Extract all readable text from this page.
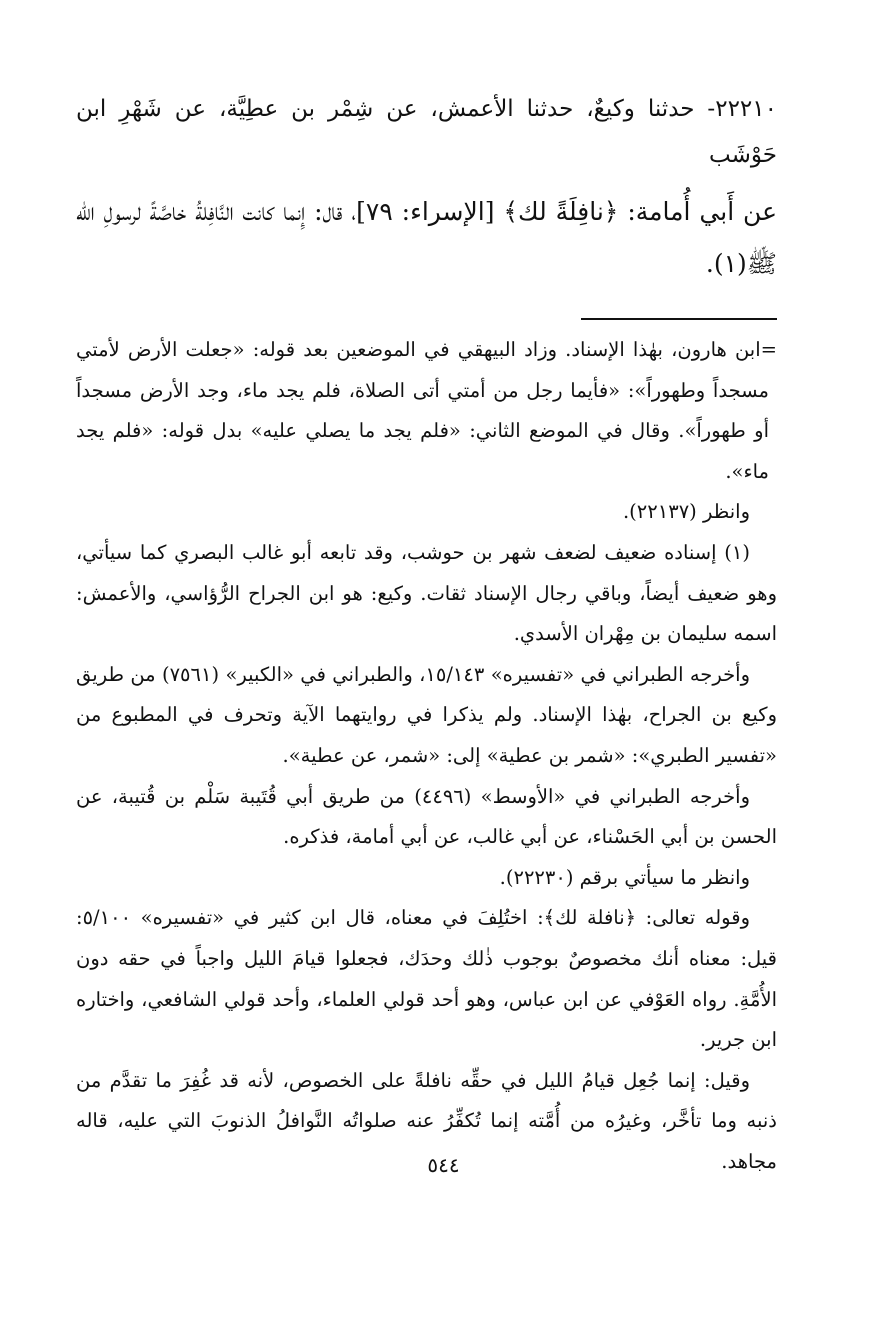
٢٢٢١٠- حدثنا وكيعٌ، حدثنا الأعمش، عن شِمْر بن عطِيَّة، عن شَهْرِ ابن حَوْشَب

عن أَبي أُمامة: ﴿نافِلَةً لك﴾ [الإسراء: ٧٩]، قال: إِنما كانت النَّافِلةُ خاصَّةً لرسولِ الله ﷺ(١).

=ابن هارون، بهٰذا الإسناد. وزاد البيهقي في الموضعين بعد قوله: «جعلت الأرض لأمتي مسجداً وطهوراً»: «فأيما رجل من أمتي أتى الصلاة، فلم يجد ماء، وجد الأرض مسجداً أو طهوراً». وقال في الموضع الثاني: «فلم يجد ما يصلي عليه» بدل قوله: «فلم يجد ماء».

وانظر (٢٢١٣٧).

(١) إسناده ضعيف لضعف شهر بن حوشب، وقد تابعه أبو غالب البصري كما سيأتي، وهو ضعيف أيضاً، وباقي رجال الإسناد ثقات. وكيع: هو ابن الجراح الرُّؤاسي، والأعمش: اسمه سليمان بن مِهْران الأسدي.

وأخرجه الطبراني في «تفسيره» ١٥/١٤٣، والطبراني في «الكبير» (٧٥٦١) من طريق وكيع بن الجراح، بهٰذا الإسناد. ولم يذكرا في روايتهما الآية وتحرف في المطبوع من «تفسير الطبري»: «شمر بن عطية» إلى: «شمر، عن عطية».

وأخرجه الطبراني في «الأوسط» (٤٤٩٦) من طريق أبي قُتَيبة سَلْم بن قُتيبة، عن الحسن بن أبي الحَسْناء، عن أبي غالب، عن أبي أمامة، فذكره.

وانظر ما سيأتي برقم (٢٢٢٣٠).

وقوله تعالى: ﴿نافلة لك﴾: اختُلِفَ في معناه، قال ابن كثير في «تفسيره» ٥/١٠٠: قيل: معناه أنك مخصوصٌ بوجوب ذٰلك وحدَك، فجعلوا قيامَ الليل واجباً في حقه دون الأُمَّةِ. رواه العَوْفي عن ابن عباس، وهو أحد قولي العلماء، وأحد قولي الشافعي، واختاره ابن جرير.

وقيل: إنما جُعِل قيامُ الليل في حقِّه نافلةً على الخصوص، لأنه قد غُفِرَ ما تقدَّم من ذنبه وما تأخَّر، وغيرُه من أُمَّته إنما تُكفِّرُ عنه صلواتُه النَّوافلُ الذنوبَ التي عليه، قاله مجاهد.

٥٤٤
